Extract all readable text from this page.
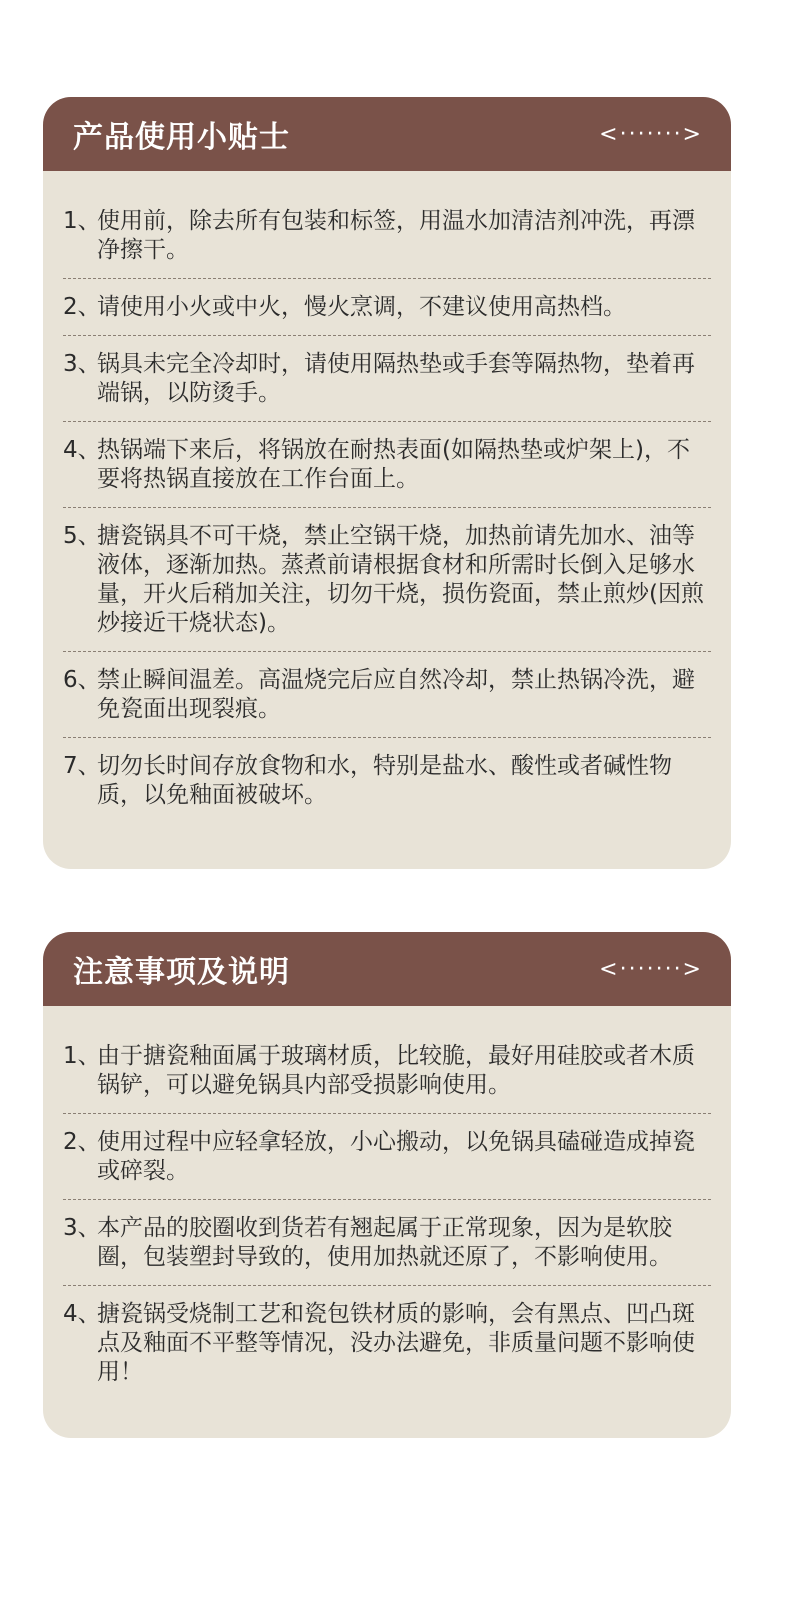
产品使用小贴士	<·······>
1、
使用前，除去所有包装和标签，用温水加清洁剂冲洗，再漂净擦干。
2、
请使用小火或中火，慢火烹调，不建议使用高热档。
3、
锅具未完全冷却时，请使用隔热垫或手套等隔热物，垫着再端锅，以防烫手。
4、
热锅端下来后，将锅放在耐热表面(如隔热垫或炉架上)，不要将热锅直接放在工作台面上。
5、
搪瓷锅具不可干烧，禁止空锅干烧，加热前请先加水、油等液体，逐渐加热。蒸煮前请根据食材和所需时长倒入足够水量，开火后稍加关注，切勿干烧，损伤瓷面，禁止煎炒(因煎炒接近干烧状态)。
6、
禁止瞬间温差。高温烧完后应自然冷却，禁止热锅冷洗，避免瓷面出现裂痕。
7、
切勿长时间存放食物和水，特别是盐水、酸性或者碱性物质，以免釉面被破坏。
注意事项及说明	<·······>
1、
由于搪瓷釉面属于玻璃材质，比较脆，最好用硅胶或者木质锅铲，可以避免锅具内部受损影响使用。
2、
使用过程中应轻拿轻放，小心搬动，以免锅具磕碰造成掉瓷或碎裂。
3、
本产品的胶圈收到货若有翘起属于正常现象，因为是软胶圈，包装塑封导致的，使用加热就还原了，不影响使用。
4、
搪瓷锅受烧制工艺和瓷包铁材质的影响，会有黑点、凹凸斑点及釉面不平整等情况，没办法避免，非质量问题不影响使用！
